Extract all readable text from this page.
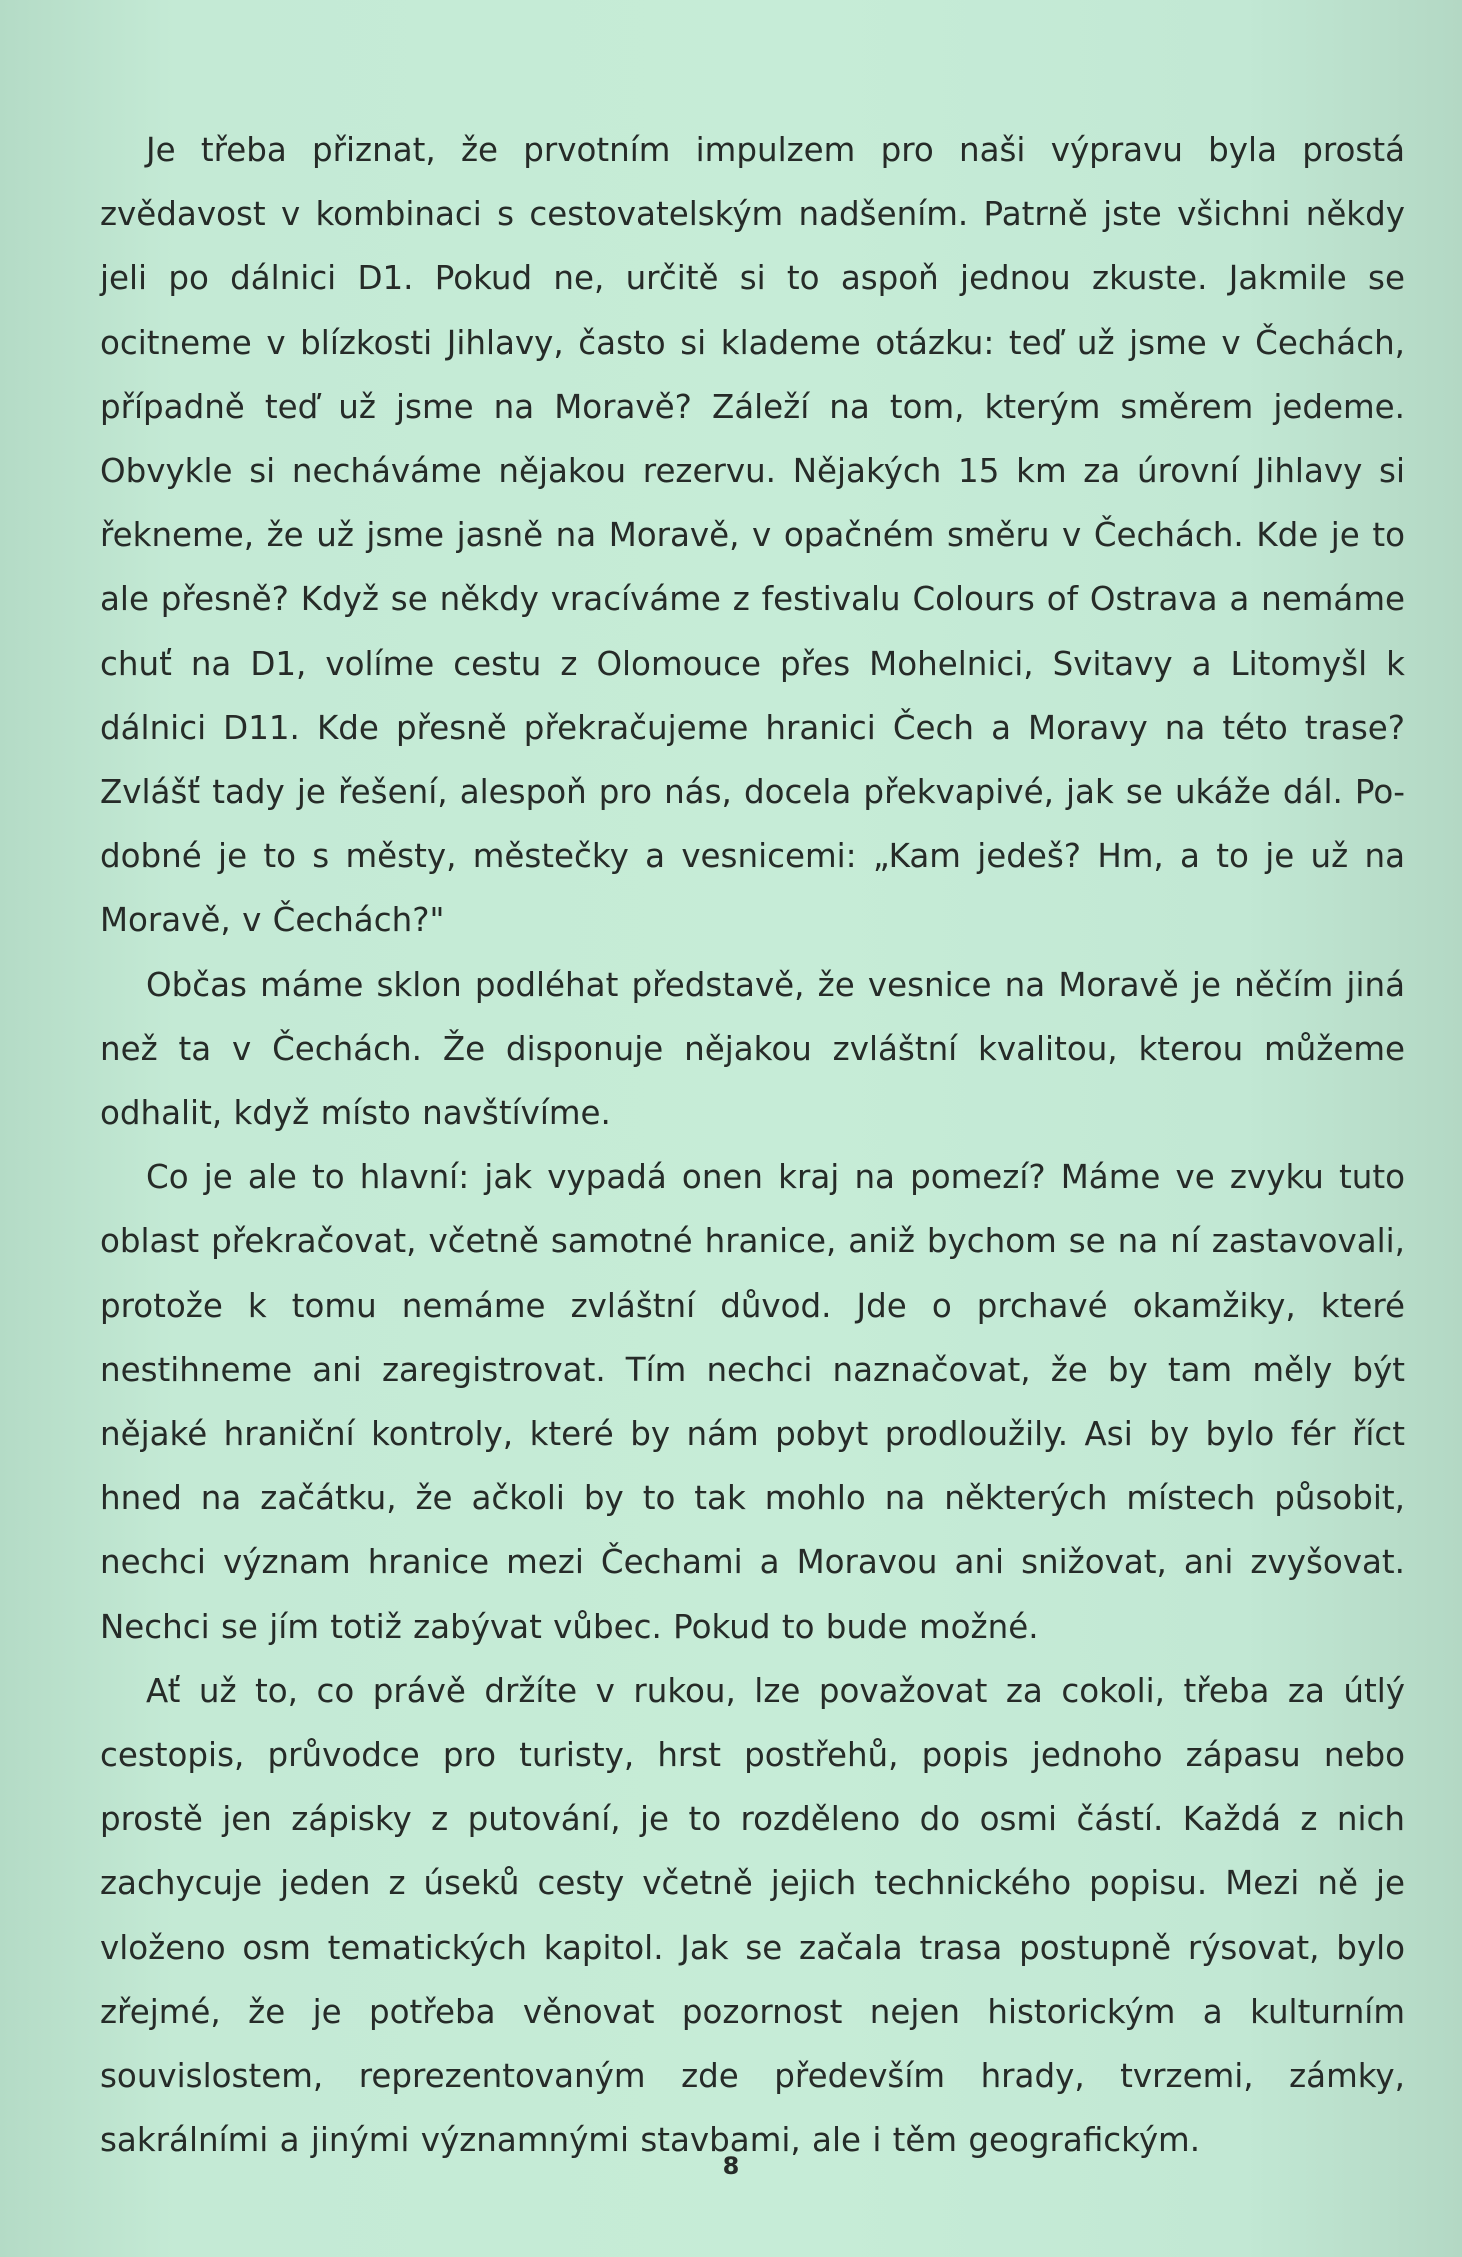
Je třeba přiznat, že prvotním impulzem pro naši výpravu byla prostá zvědavost v kombinaci s cestovatelským nadšením. Patrně jste všichni někdy jeli po dálnici D1. Pokud ne, určitě si to aspoň jednou zkuste. Jakmile se ocitneme v blízkosti Jihlavy, často si klademe otázku: teď už jsme v Čechách, případně teď už jsme na Moravě? Záleží na tom, kterým směrem jedeme. Obvykle si necháváme nějakou rezervu. Nějakých 15 km za úrovní Jihlavy si řekneme, že už jsme jasně na Moravě, v opačném směru v Čechách. Kde je to ale přesně? Když se někdy vracíváme z festivalu Colours of Ostrava a nemáme chuť na D1, volíme cestu z Olomouce přes Mohelnici, Svitavy a Litomyšl k dálnici D11. Kde přesně překračujeme hranici Čech a Moravy na této trase? Zvlášť tady je řešení, alespoň pro nás, docela překvapivé, jak se ukáže dál. Podobné je to s městy, městečky a vesnicemi: „Kam jedeš? Hm, a to je už na Moravě, v Čechách?"

Občas máme sklon podléhat představě, že vesnice na Moravě je něčím jiná než ta v Čechách. Že disponuje nějakou zvláštní kvalitou, kterou můžeme odhalit, když místo navštívíme.

Co je ale to hlavní: jak vypadá onen kraj na pomezí? Máme ve zvyku tuto oblast překračovat, včetně samotné hranice, aniž bychom se na ní zastavovali, protože k tomu nemáme zvláštní důvod. Jde o prchavé okamžiky, které nestihneme ani zaregistrovat. Tím nechci naznačovat, že by tam měly být nějaké hraniční kontroly, které by nám pobyt prodloužily. Asi by bylo fér říct hned na začátku, že ačkoli by to tak mohlo na některých místech působit, nechci význam hranice mezi Čechami a Moravou ani snižovat, ani zvyšovat. Nechci se jím totiž zabývat vůbec. Pokud to bude možné.

Ať už to, co právě držíte v rukou, lze považovat za cokoli, třeba za útlý cestopis, průvodce pro turisty, hrst postřehů, popis jednoho zápasu nebo prostě jen zápisky z putování, je to rozděleno do osmi částí. Každá z nich zachycuje jeden z úseků cesty včetně jejich technického popisu. Mezi ně je vloženo osm tematických kapitol. Jak se začala trasa postupně rýsovat, bylo zřejmé, že je potřeba věnovat pozornost nejen historickým a kulturním souvislostem, reprezentovaným zde především hrady, tvrzemi, zámky, sakrálními a jinými významnými stavbami, ale i těm geografickým.

8
